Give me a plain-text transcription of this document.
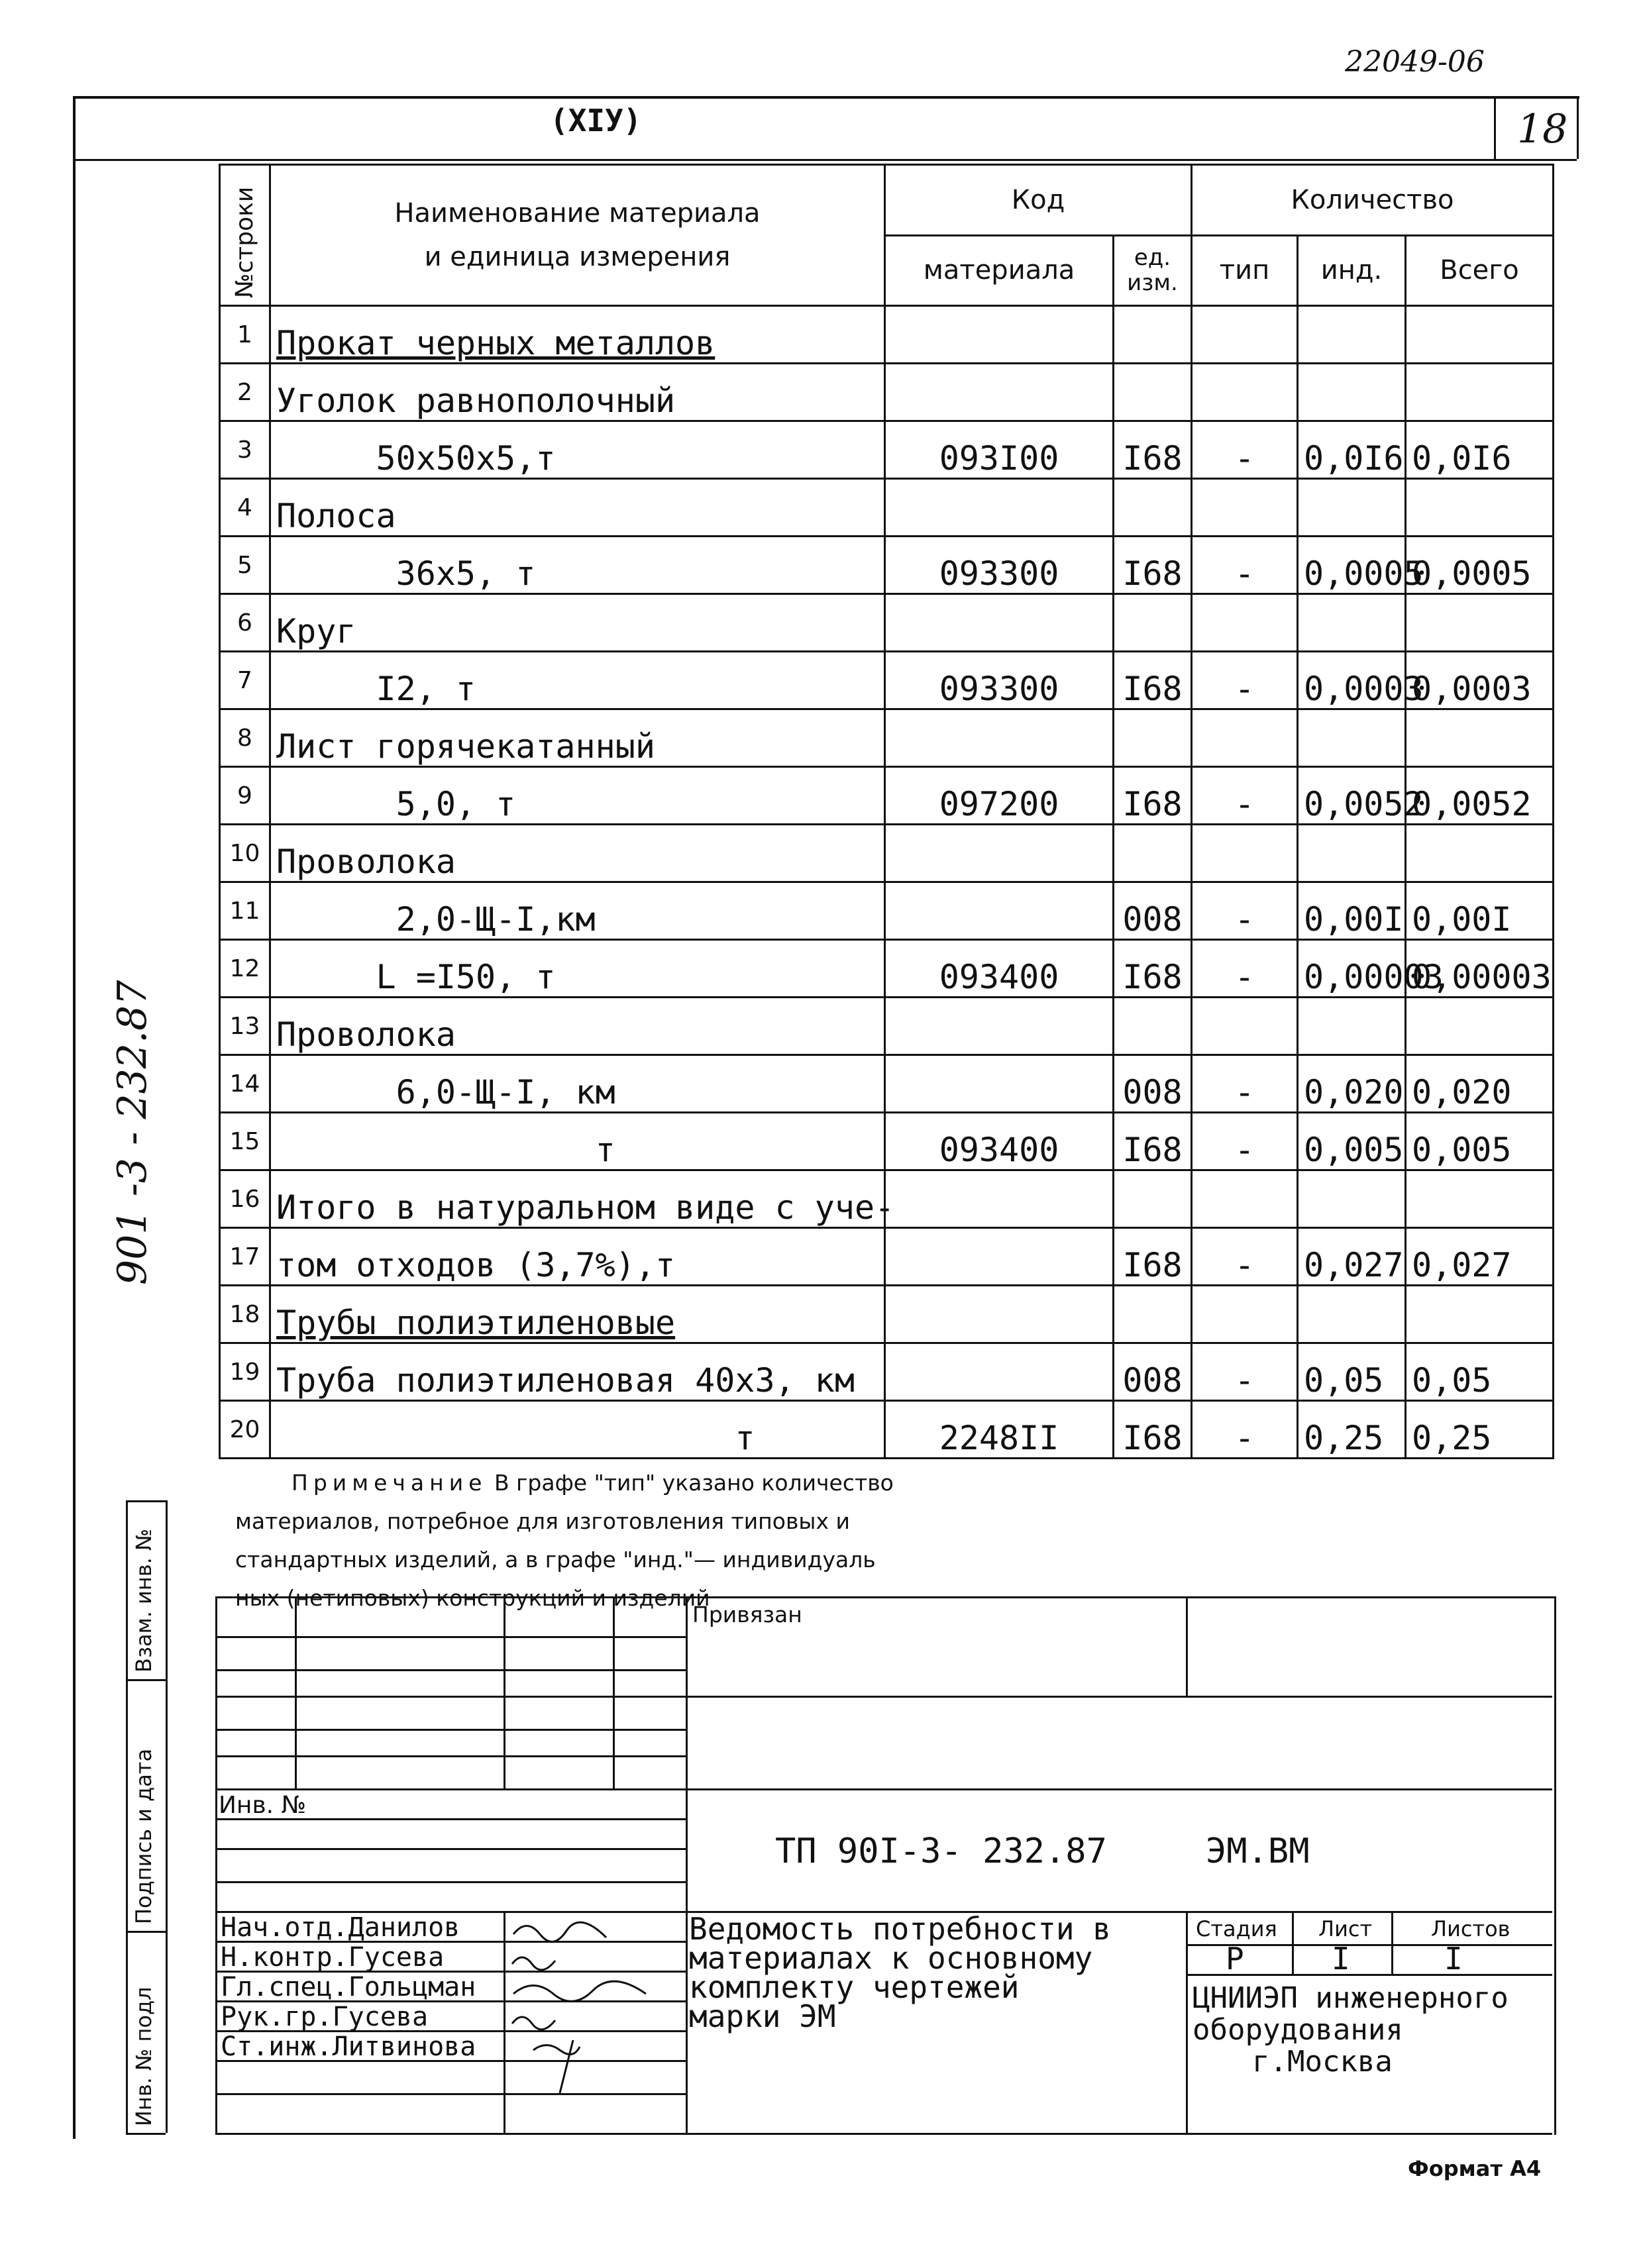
22049-06
(XIУ)	18
901 -3 - 232.87
№строки	Наименование материала
и единица измерения	Код		Количество		
		материала	ед. изм.	тип	инд.	Всего
1	Прокат черных металлов					
2	Уголок равнополочный					
3	50х50х5,т	093I00	I68	-	0,0I6	0,0I6
4	Полоса					
5	36х5, т	093300	I68	-	0,0005	0,0005
6	Круг					
7	I2, т	093300	I68	-	0,0003	0,0003
8	Лист горячекатанный					
9	5,0, т	097200	I68	-	0,0052	0,0052
10	Проволока					
11	2,0-Щ-I,км		008	-	0,00I	0,00I
12	L =I50, т	093400	I68	-	0,00003	0,00003
13	Проволока					
14	6,0-Щ-I, км		008	-	0,020	0,020
15	т	093400	I68	-	0,005	0,005
16	Итого в натуральном виде с уче-					
17	том отходов (3,7%),т		I68	-	0,027	0,027
18	Трубы полиэтиленовые					
19	Труба полиэтиленовая 40х3, км		008	-	0,05	0,05
20	т	2248II	I68	-	0,25	0,25
Примечание В графе "тип" указано количество
материалов, потребное для изготовления типовых и
стандартных изделий, а в графе "инд."— индивидуаль
ных (нетиповых) конструкций и изделий
Взам. инв. №
Подпись и дата
Инв. № подл
Привязан
Инв. №
ТП 90I-3- 232.87	ЭМ.ВМ
Нач.отд.Данилов
Н.контр.Гусева
Гл.спец.Гольцман
Рук.гр.Гусева
Ст.инж.Литвинова
Ведомость потребности в
материалах к основному
комплекту чертежей
марки ЭМ
Стадия Лист	Листов
Р	I	I
ЦНИИЭП инженерного
оборудования
г.Москва
Формат А4
